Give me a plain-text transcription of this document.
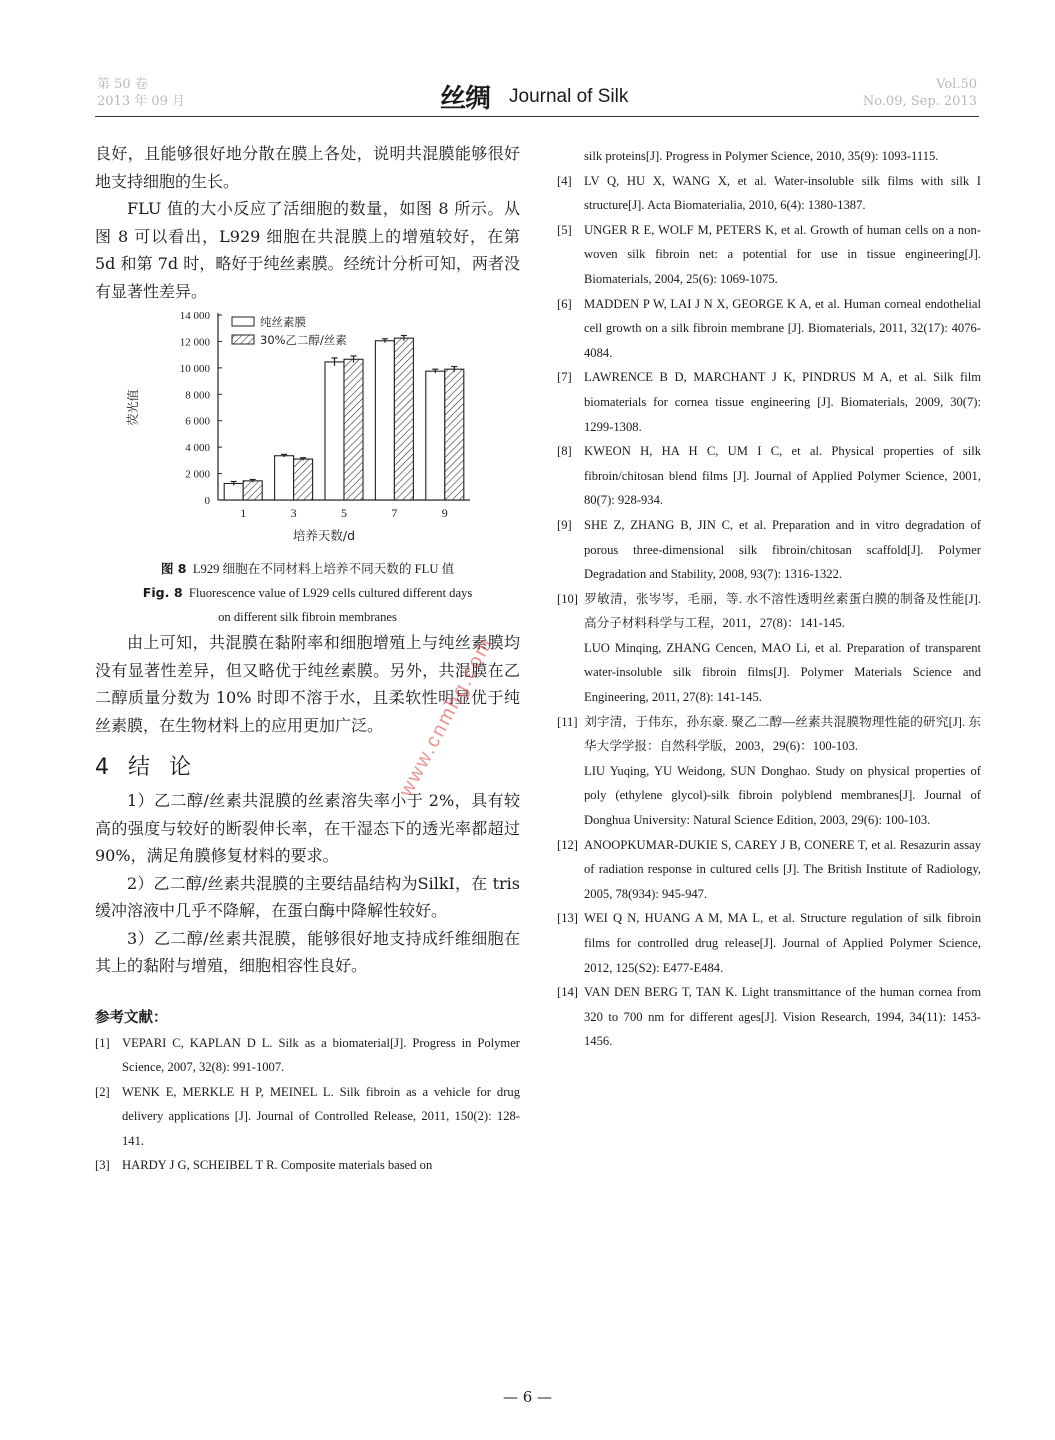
第 50 卷
2013 年 09 月	丝绸 Journal of Silk
Vol.50
No.09, Sep. 2013

良好，且能够很好地分散在膜上各处，说明共混膜能够很好地支持细胞的生长。

FLU 值的大小反应了活细胞的数量，如图 8 所示。从图 8 可以看出，L929 细胞在共混膜上的增殖较好，在第 5d 和第 7d 时，略好于纯丝素膜。经统计分析可知，两者没有显著性差异。

0
2 000
4 000
6 000
8 000
10 000
12 000
14 000
荧光值
1	3	5	7	9
培养天数/d
纯丝素膜
30%乙二醇/丝素

图 8 L929 细胞在不同材料上培养不同天数的 FLU 值

Fig. 8 Fluorescence value of L929 cells cultured different days

on different silk fibroin membranes

由上可知，共混膜在黏附率和细胞增殖上与纯丝素膜均没有显著性差异，但又略优于纯丝素膜。另外，共混膜在乙二醇质量分数为 10% 时即不溶于水，且柔软性明显优于纯丝素膜，在生物材料上的应用更加广泛。

4 结 论

1）乙二醇/丝素共混膜的丝素溶失率小于 2%，具有较高的强度与较好的断裂伸长率，在干湿态下的透光率都超过 90%，满足角膜修复材料的要求。

2）乙二醇/丝素共混膜的主要结晶结构为SilkI，在 tris 缓冲溶液中几乎不降解，在蛋白酶中降解性较好。

3）乙二醇/丝素共混膜，能够很好地支持成纤维细胞在其上的黏附与增殖，细胞相容性良好。

参考文献：

[1] VEPARI C, KAPLAN D L. Silk as a biomaterial[J]. Progress in Polymer Science, 2007, 32(8): 991-1007.

[2] WENK E, MERKLE H P, MEINEL L. Silk fibroin as a vehicle for drug delivery applications [J]. Journal of Controlled Release, 2011, 150(2): 128-141.

[3] HARDY J G, SCHEIBEL T R. Composite materials based on

silk proteins[J]. Progress in Polymer Science, 2010, 35(9): 1093-1115.

[4] LV Q, HU X, WANG X, et al. Water-insoluble silk films with silk I structure[J]. Acta Biomaterialia, 2010, 6(4): 1380-1387.

[5] UNGER R E, WOLF M, PETERS K, et al. Growth of human cells on a non-woven silk fibroin net: a potential for use in tissue engineering[J]. Biomaterials, 2004, 25(6): 1069-1075.

[6] MADDEN P W, LAI J N X, GEORGE K A, et al. Human corneal endothelial cell growth on a silk fibroin membrane [J]. Biomaterials, 2011, 32(17): 4076-4084.

[7] LAWRENCE B D, MARCHANT J K, PINDRUS M A, et al. Silk film biomaterials for cornea tissue engineering [J]. Biomaterials, 2009, 30(7): 1299-1308.

[8] KWEON H, HA H C, UM I C, et al. Physical properties of silk fibroin/chitosan blend films [J]. Journal of Applied Polymer Science, 2001, 80(7): 928-934.

[9] SHE Z, ZHANG B, JIN C, et al. Preparation and in vitro degradation of porous three-dimensional silk fibroin/chitosan scaffold[J]. Polymer Degradation and Stability, 2008, 93(7): 1316-1322.

[10] 罗敏清，张岑岑，毛丽，等. 水不溶性透明丝素蛋白膜的制备及性能[J]. 高分子材料科学与工程，2011，27(8)：141-145.

LUO Minqing, ZHANG Cencen, MAO Li, et al. Preparation of transparent water-insoluble silk fibroin films[J]. Polymer Materials Science and Engineering, 2011, 27(8): 141-145.

[11] 刘宇清，于伟东，孙东豪. 聚乙二醇—丝素共混膜物理性能的研究[J]. 东华大学学报：自然科学版，2003，29(6)：100-103.

LIU Yuqing, YU Weidong, SUN Donghao. Study on physical properties of poly (ethylene glycol)-silk fibroin polyblend membranes[J]. Journal of Donghua University: Natural Science Edition, 2003, 29(6): 100-103.

[12] ANOOPKUMAR-DUKIE S, CAREY J B, CONERE T, et al. Resazurin assay of radiation response in cultured cells [J]. The British Institute of Radiology, 2005, 78(934): 945-947.

[13] WEI Q N, HUANG A M, MA L, et al. Structure regulation of silk fibroin films for controlled drug release[J]. Journal of Applied Polymer Science, 2012, 125(S2): E477-E484.

[14] VAN DEN BERG T, TAN K. Light transmittance of the human cornea from 320 to 700 nm for different ages[J]. Vision Research, 1994, 34(11): 1453-1456.

www.cnmhg.com
— 6 —
